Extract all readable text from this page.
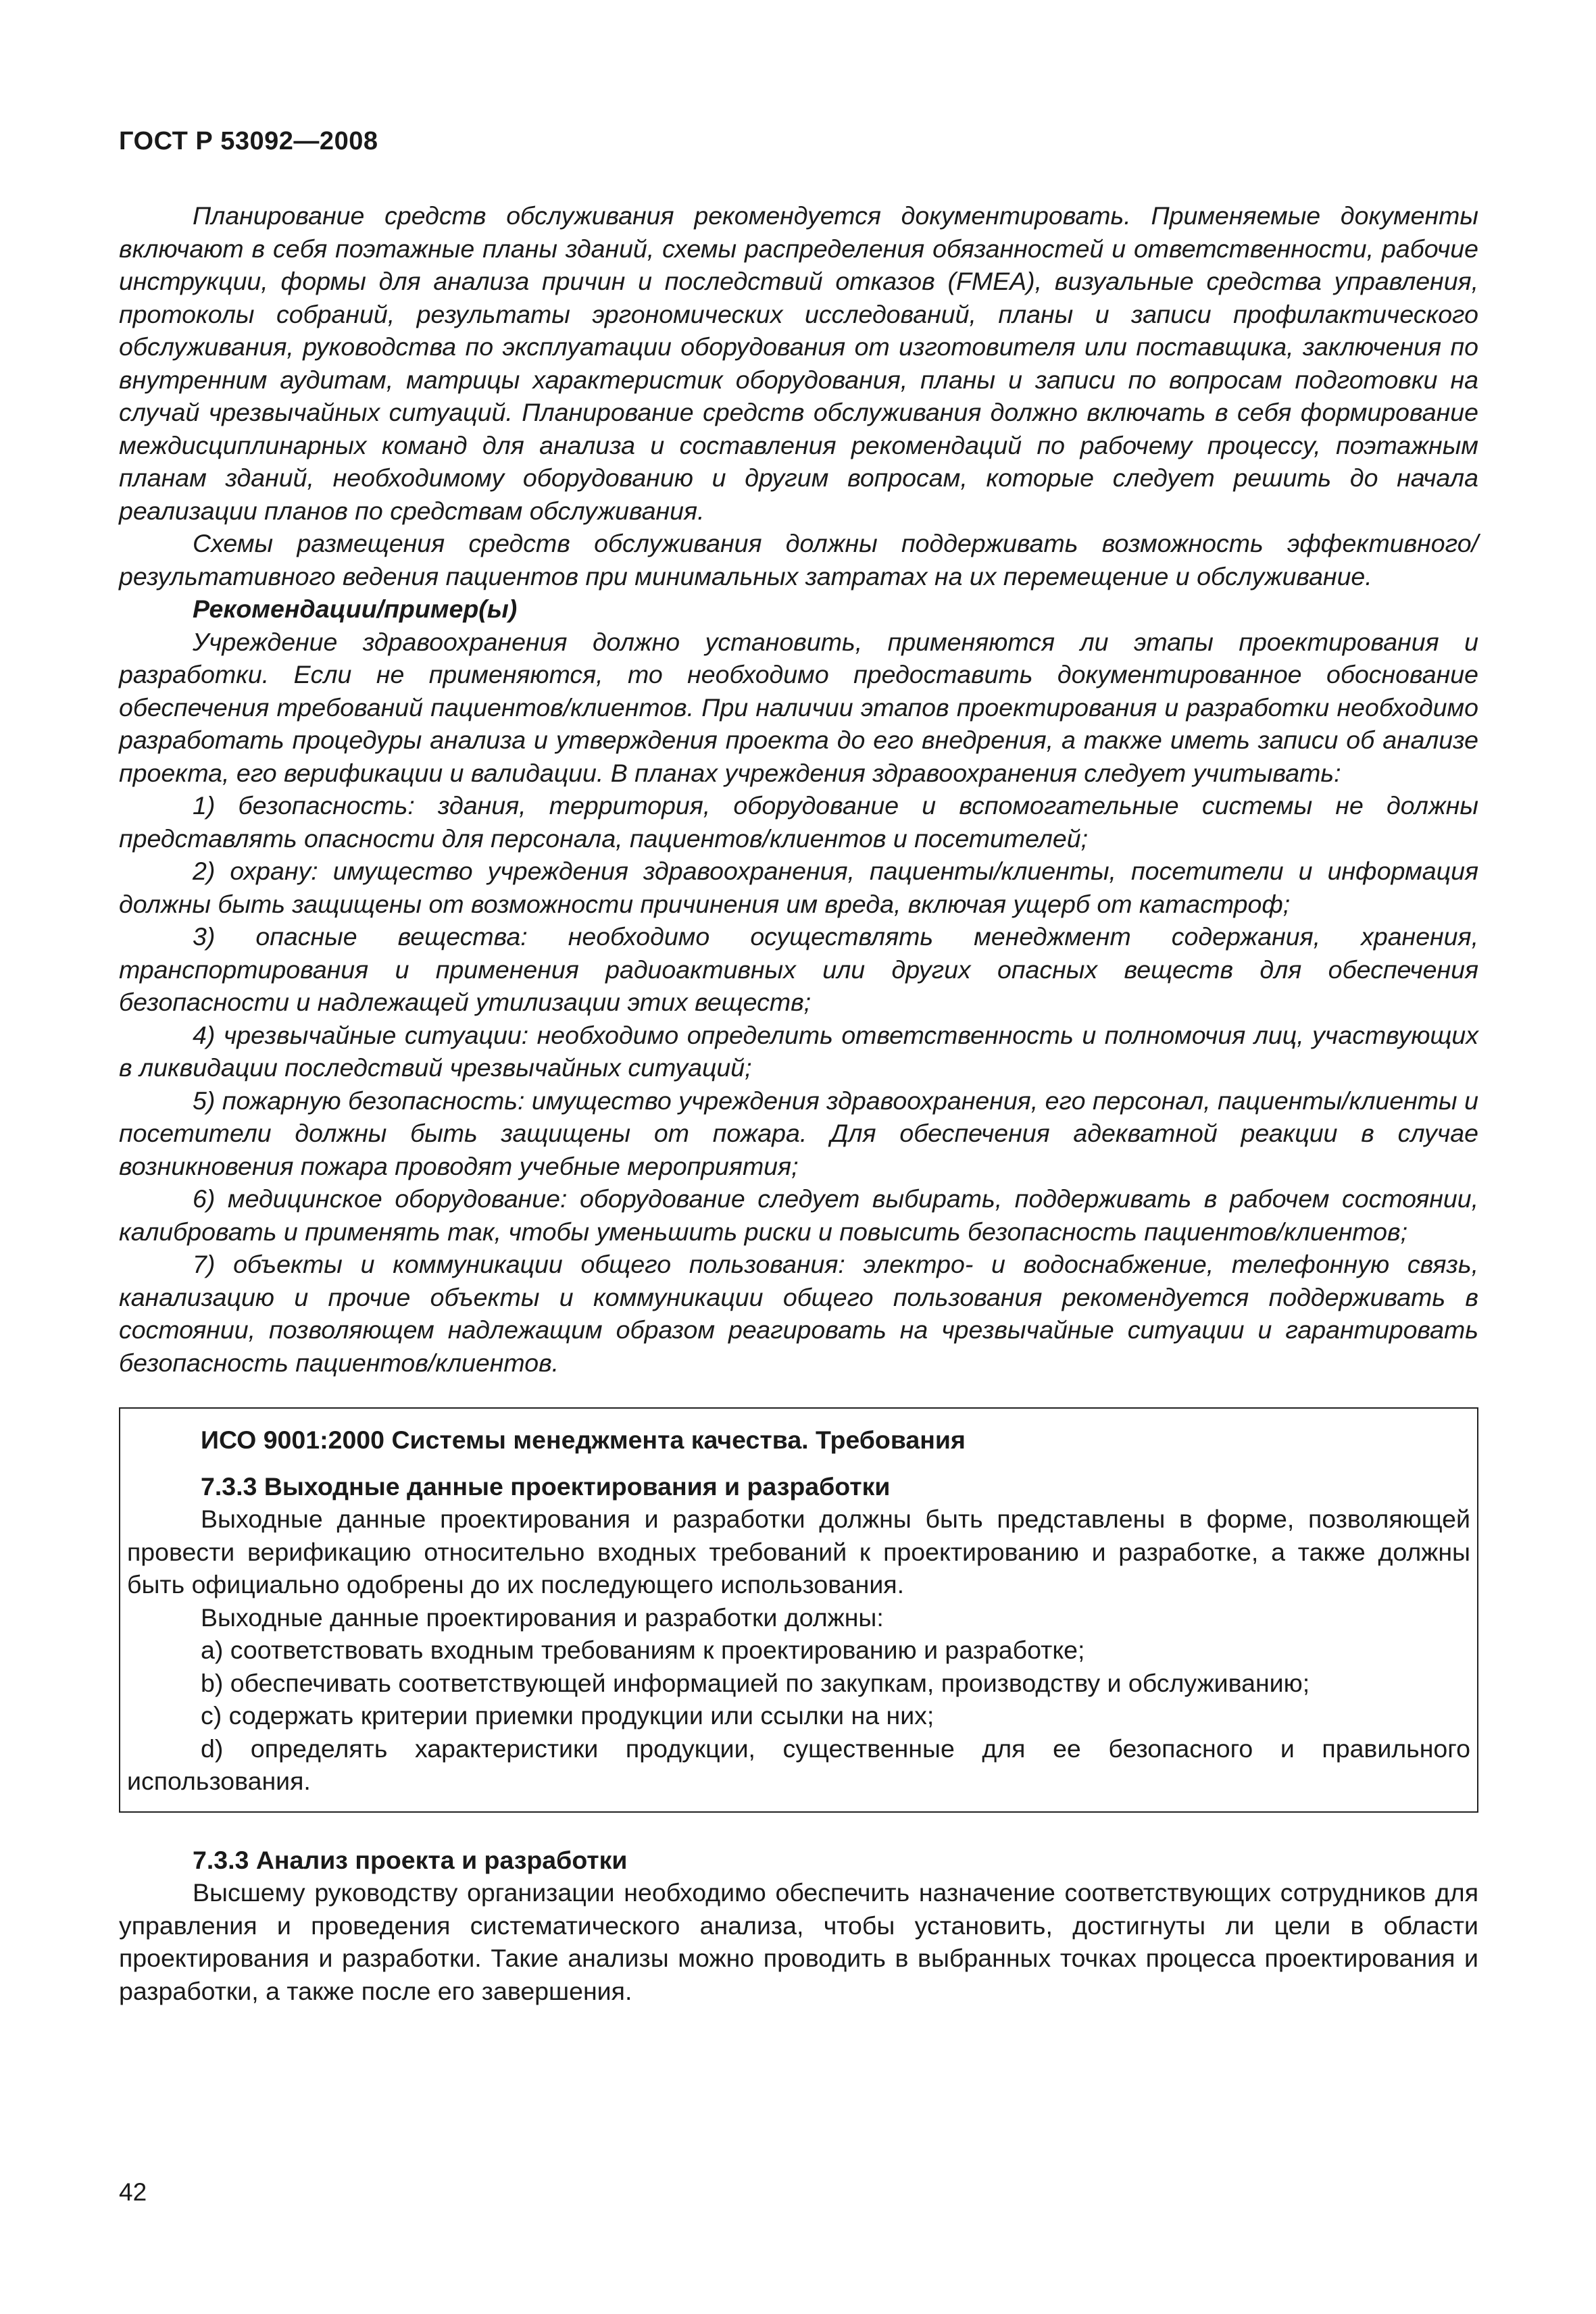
ГОСТ Р 53092—2008

Планирование средств обслуживания рекомендуется документировать. Применяемые документы включают в себя поэтажные планы зданий, схемы распределения обязанностей и ответственности, рабочие инструкции, формы для анализа причин и последствий отказов (FMEA), визуальные средства управления, протоколы собраний, результаты эргономических исследований, планы и записи профилактического обслуживания, руководства по эксплуатации оборудования от изготовителя или поставщика, заключения по внутренним аудитам, матрицы характеристик оборудования, планы и записи по вопросам подготовки на случай чрезвычайных ситуаций. Планирование средств обслуживания должно включать в себя формирование междисциплинарных команд для анализа и составления рекомендаций по рабочему процессу, поэтажным планам зданий, необходимому оборудованию и другим вопросам, которые следует решить до начала реализации планов по средствам обслуживания.

Схемы размещения средств обслуживания должны поддерживать возможность эффективного/результативного ведения пациентов при минимальных затратах на их перемещение и обслуживание.

Рекомендации/пример(ы)

Учреждение здравоохранения должно установить, применяются ли этапы проектирования и разработки. Если не применяются, то необходимо предоставить документированное обоснование обеспечения требований пациентов/клиентов. При наличии этапов проектирования и разработки необходимо разработать процедуры анализа и утверждения проекта до его внедрения, а также иметь записи об анализе проекта, его верификации и валидации. В планах учреждения здравоохранения следует учитывать:

1) безопасность: здания, территория, оборудование и вспомогательные системы не должны представлять опасности для персонала, пациентов/клиентов и посетителей;

2) охрану: имущество учреждения здравоохранения, пациенты/клиенты, посетители и информация должны быть защищены от возможности причинения им вреда, включая ущерб от катастроф;

3) опасные вещества: необходимо осуществлять менеджмент содержания, хранения, транспортирования и применения радиоактивных или других опасных веществ для обеспечения безопасности и надлежащей утилизации этих веществ;

4) чрезвычайные ситуации: необходимо определить ответственность и полномочия лиц, участвующих в ликвидации последствий чрезвычайных ситуаций;

5) пожарную безопасность: имущество учреждения здравоохранения, его персонал, пациенты/клиенты и посетители должны быть защищены от пожара. Для обеспечения адекватной реакции в случае возникновения пожара проводят учебные мероприятия;

6) медицинское оборудование: оборудование следует выбирать, поддерживать в рабочем состоянии, калибровать и применять так, чтобы уменьшить риски и повысить безопасность пациентов/клиентов;

7) объекты и коммуникации общего пользования: электро- и водоснабжение, телефонную связь, канализацию и прочие объекты и коммуникации общего пользования рекомендуется поддерживать в состоянии, позволяющем надлежащим образом реагировать на чрезвычайные ситуации и гарантировать безопасность пациентов/клиентов.

ИСО 9001:2000 Системы менеджмента качества. Требования
7.3.3 Выходные данные проектирования и разработки

Выходные данные проектирования и разработки должны быть представлены в форме, позволяющей провести верификацию относительно входных требований к проектированию и разработке, а также должны быть официально одобрены до их последующего использования.

Выходные данные проектирования и разработки должны:

a) соответствовать входным требованиям к проектированию и разработке;

b) обеспечивать соответствующей информацией по закупкам, производству и обслуживанию;

c) содержать критерии приемки продукции или ссылки на них;

d) определять характеристики продукции, существенные для ее безопасного и правильного использования.

7.3.3 Анализ проекта и разработки

Высшему руководству организации необходимо обеспечить назначение соответствующих сотрудников для управления и проведения систематического анализа, чтобы установить, достигнуты ли цели в области проектирования и разработки. Такие анализы можно проводить в выбранных точках процесса проектирования и разработки, а также после его завершения.

42
